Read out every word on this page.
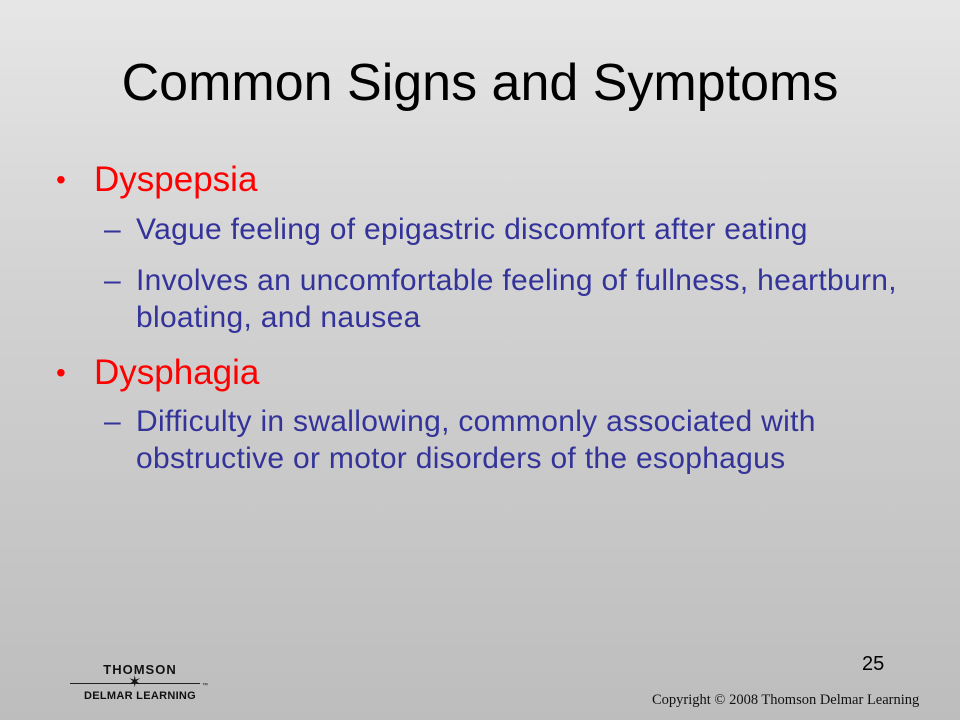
Common Signs and Symptoms
• Dyspepsia
– Vague feeling of epigastric discomfort after eating
– Involves an uncomfortable feeling of fullness, heartburn, bloating, and nausea
• Dysphagia
– Difficulty in swallowing, commonly associated with obstructive or motor disorders of the esophagus
25
THOMSON
✶
DELMAR LEARNING
™
Copyright © 2008 Thomson Delmar Learning
